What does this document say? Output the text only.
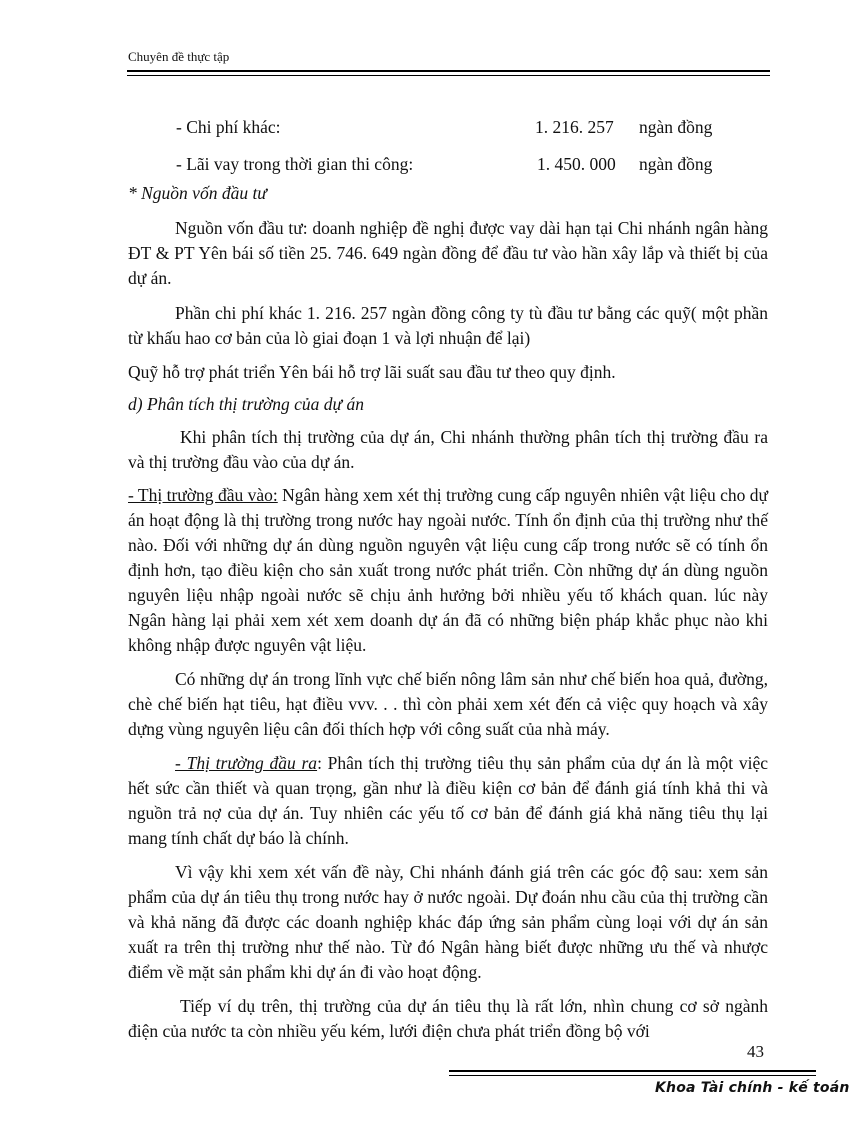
Chuyên đề thực tập
- Chi phí khác:	1. 216. 257 ngàn đồng
- Lãi vay trong thời gian thi công:	1. 450. 000 ngàn đồng

* Nguồn vốn đầu tư

Nguồn vốn đầu tư: doanh nghiệp đề nghị được vay dài hạn tại Chi nhánh ngân hàng ĐT & PT Yên bái số tiền 25. 746. 649 ngàn đồng để đầu tư vào hần xây lắp và thiết bị của dự án.

Phần chi phí khác 1. 216. 257 ngàn đồng công ty tù đầu tư bằng các quỹ( một phần từ khấu hao cơ bản của lò giai đoạn 1 và lợi nhuận để lại)

Quỹ hỗ trợ phát triển Yên bái hỗ trợ lãi suất sau đầu tư theo quy định.

d) Phân tích thị trường của dự án

Khi phân tích thị trường của dự án, Chi nhánh thường phân tích thị trường đầu ra và thị trường đầu vào của dự án.

- Thị trường đầu vào: Ngân hàng xem xét thị trường cung cấp nguyên nhiên vật liệu cho dự án hoạt động là thị trường trong nước hay ngoài nước. Tính ổn định của thị trường như thế nào. Đối với những dự án dùng nguồn nguyên vật liệu cung cấp trong nước sẽ có tính ổn định hơn, tạo điều kiện cho sản xuất trong nước phát triển. Còn những dự án dùng nguồn nguyên liệu nhập ngoài nước sẽ chịu ảnh hưởng bởi nhiều yếu tố khách quan. lúc này Ngân hàng lại phải xem xét xem doanh dự án đã có những biện pháp khắc phục nào khi không nhập được nguyên vật liệu.

Có những dự án trong lĩnh vực chế biến nông lâm sản như chế biến hoa quả, đường, chè chế biến hạt tiêu, hạt điều vvv. . . thì còn phải xem xét đến cả việc quy hoạch và xây dựng vùng nguyên liệu cân đối thích hợp với công suất của nhà máy.

- Thị trường đầu ra: Phân tích thị trường tiêu thụ sản phẩm của dự án là một việc hết sức cần thiết và quan trọng, gần như là điều kiện cơ bản để đánh giá tính khả thi và nguồn trả nợ của dự án. Tuy nhiên các yếu tố cơ bản để đánh giá khả năng tiêu thụ lại mang tính chất dự báo là chính.

Vì vậy khi xem xét vấn đề này, Chi nhánh đánh giá trên các góc độ sau: xem sản phẩm của dự án tiêu thụ trong nước hay ở nước ngoài. Dự đoán nhu cầu của thị trường cần và khả năng đã được các doanh nghiệp khác đáp ứng sản phẩm cùng loại với dự án sản xuất ra trên thị trường như thế nào. Từ đó Ngân hàng biết được những ưu thế và nhược điểm về mặt sản phẩm khi dự án đi vào hoạt động.

Tiếp ví dụ trên, thị trường của dự án tiêu thụ là rất lớn, nhìn chung cơ sở ngành điện của nước ta còn nhiều yếu kém, lưới điện chưa phát triển đồng bộ với

43
Khoa Tài chính - kế toán
